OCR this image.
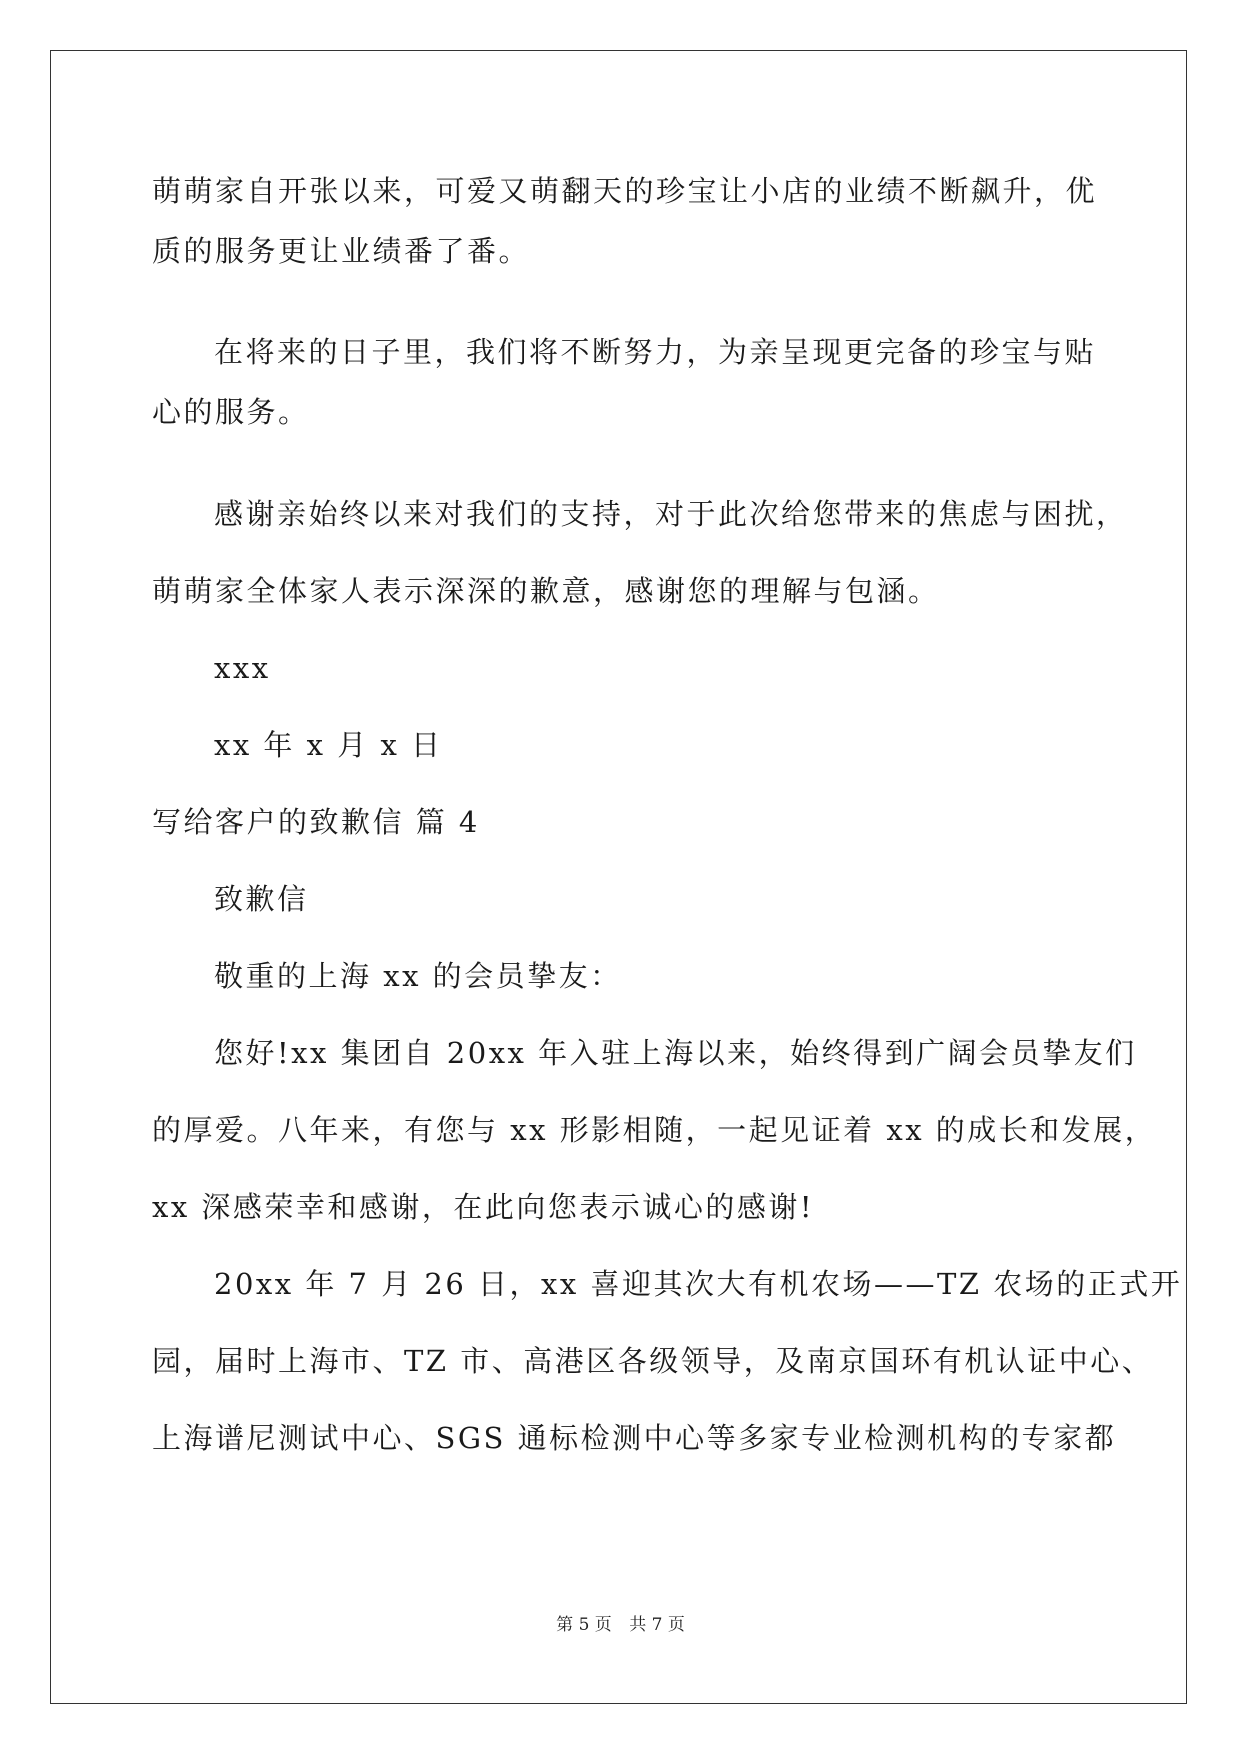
萌萌家自开张以来，可爱又萌翻天的珍宝让小店的业绩不断飙升，优
质的服务更让业绩番了番。
在将来的日子里，我们将不断努力，为亲呈现更完备的珍宝与贴
心的服务。
感谢亲始终以来对我们的支持，对于此次给您带来的焦虑与困扰，
萌萌家全体家人表示深深的歉意，感谢您的理解与包涵。
xxx
xx 年 x 月 x 日
写给客户的致歉信 篇 4
致歉信
敬重的上海 xx 的会员挚友：
您好!xx 集团自 20xx 年入驻上海以来，始终得到广阔会员挚友们
的厚爱。八年来，有您与 xx 形影相随，一起见证着 xx 的成长和发展，
xx 深感荣幸和感谢，在此向您表示诚心的感谢!
20xx 年 7 月 26 日，xx 喜迎其次大有机农场——TZ 农场的正式开
园，届时上海市、TZ 市、高港区各级领导，及南京国环有机认证中心、
上海谱尼测试中心、SGS 通标检测中心等多家专业检测机构的专家都
第 5 页 共 7 页
